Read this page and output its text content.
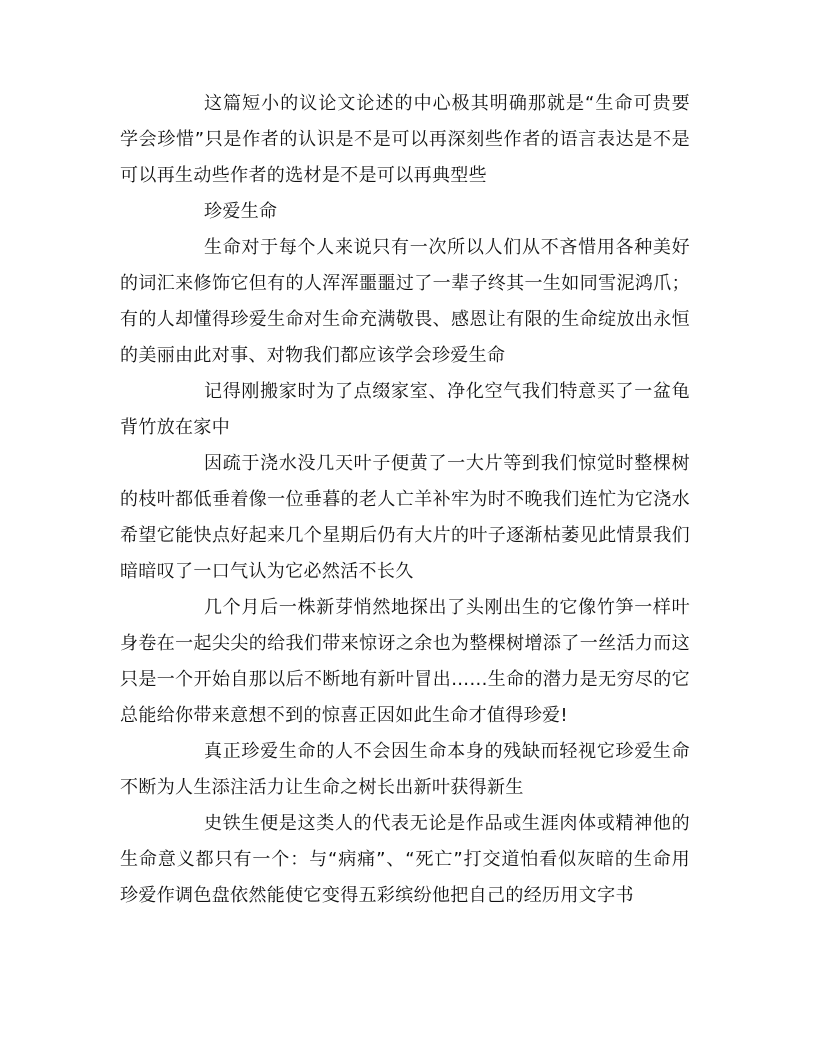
这篇短小的议论文论述的中心极其明确那就是“生命可贵要学会珍惜”只是作者的认识是不是可以再深刻些作者的语言表达是不是可以再生动些作者的选材是不是可以再典型些

珍爱生命

生命对于每个人来说只有一次所以人们从不吝惜用各种美好的词汇来修饰它但有的人浑浑噩噩过了一辈子终其一生如同雪泥鸿爪；有的人却懂得珍爱生命对生命充满敬畏、感恩让有限的生命绽放出永恒的美丽由此对事、对物我们都应该学会珍爱生命

记得刚搬家时为了点缀家室、净化空气我们特意买了一盆龟背竹放在家中

因疏于浇水没几天叶子便黄了一大片等到我们惊觉时整棵树的枝叶都低垂着像一位垂暮的老人亡羊补牢为时不晚我们连忙为它浇水希望它能快点好起来几个星期后仍有大片的叶子逐渐枯萎见此情景我们暗暗叹了一口气认为它必然活不长久

几个月后一株新芽悄然地探出了头刚出生的它像竹笋一样叶身卷在一起尖尖的给我们带来惊讶之余也为整棵树增添了一丝活力而这只是一个开始自那以后不断地有新叶冒出…...生命的潜力是无穷尽的它总能给你带来意想不到的惊喜正因如此生命才值得珍爱!

真正珍爱生命的人不会因生命本身的残缺而轻视它珍爱生命不断为人生添注活力让生命之树长出新叶获得新生

史铁生便是这类人的代表无论是作品或生涯肉体或精神他的生命意义都只有一个：与“病痛”、“死亡”打交道怕看似灰暗的生命用珍爱作调色盘依然能使它变得五彩缤纷他把自己的经历用文字书
